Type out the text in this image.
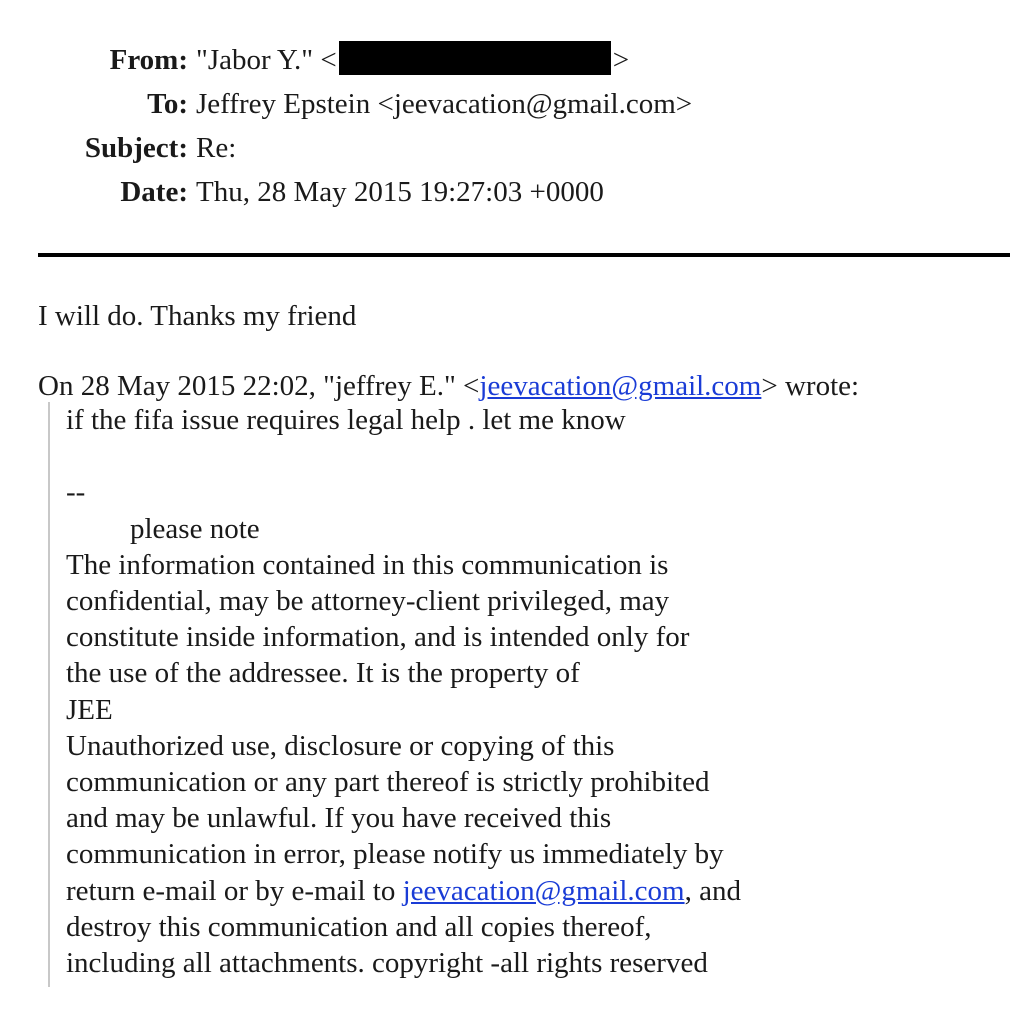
From: "Jabor Y." <	>
To: Jeffrey Epstein <jeevacation@gmail.com>
Subject: Re:
Date: Thu, 28 May 2015 19:27:03 +0000
I will do. Thanks my friend
On 28 May 2015 22:02, "jeffrey E." <jeevacation@gmail.com> wrote:
if the fifa issue requires legal help . let me know
--
please note
The information contained in this communication is
confidential, may be attorney-client privileged, may
constitute inside information, and is intended only for
the use of the addressee. It is the property of
JEE
Unauthorized use, disclosure or copying of this
communication or any part thereof is strictly prohibited
and may be unlawful. If you have received this
communication in error, please notify us immediately by
return e-mail or by e-mail to jeevacation@gmail.com, and
destroy this communication and all copies thereof,
including all attachments. copyright -all rights reserved
